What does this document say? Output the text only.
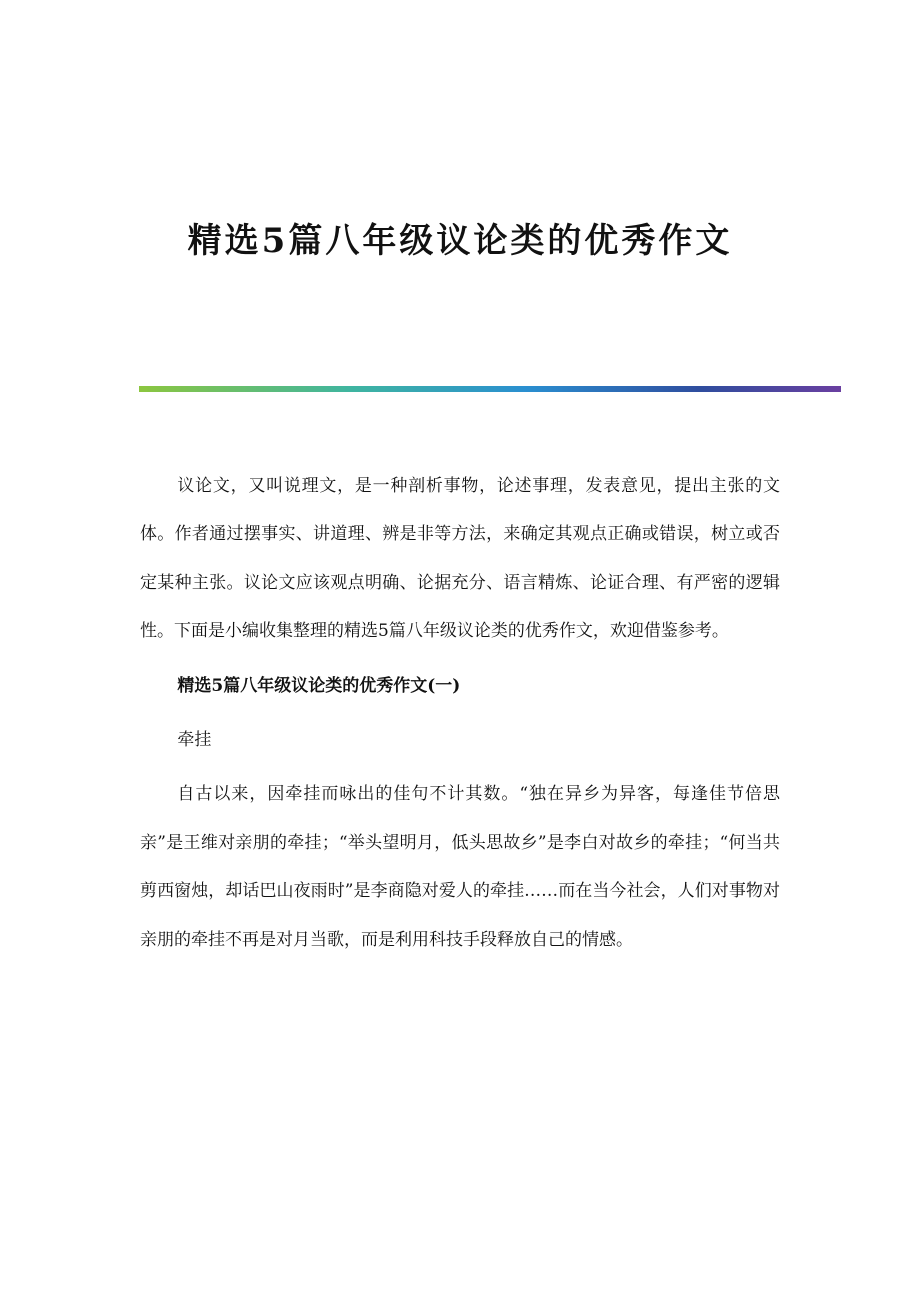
精选5篇八年级议论类的优秀作文

议论文，又叫说理文，是一种剖析事物，论述事理，发表意见，提出主张的文体。作者通过摆事实、讲道理、辨是非等方法，来确定其观点正确或错误，树立或否定某种主张。议论文应该观点明确、论据充分、语言精炼、论证合理、有严密的逻辑性。下面是小编收集整理的精选5篇八年级议论类的优秀作文，欢迎借鉴参考。

精选5篇八年级议论类的优秀作文(一)

牵挂

自古以来，因牵挂而咏出的佳句不计其数。“独在异乡为异客，每逢佳节倍思亲”是王维对亲朋的牵挂；“举头望明月，低头思故乡”是李白对故乡的牵挂；“何当共剪西窗烛，却话巴山夜雨时”是李商隐对爱人的牵挂……而在当今社会，人们对事物对亲朋的牵挂不再是对月当歌，而是利用科技手段释放自己的情感。
